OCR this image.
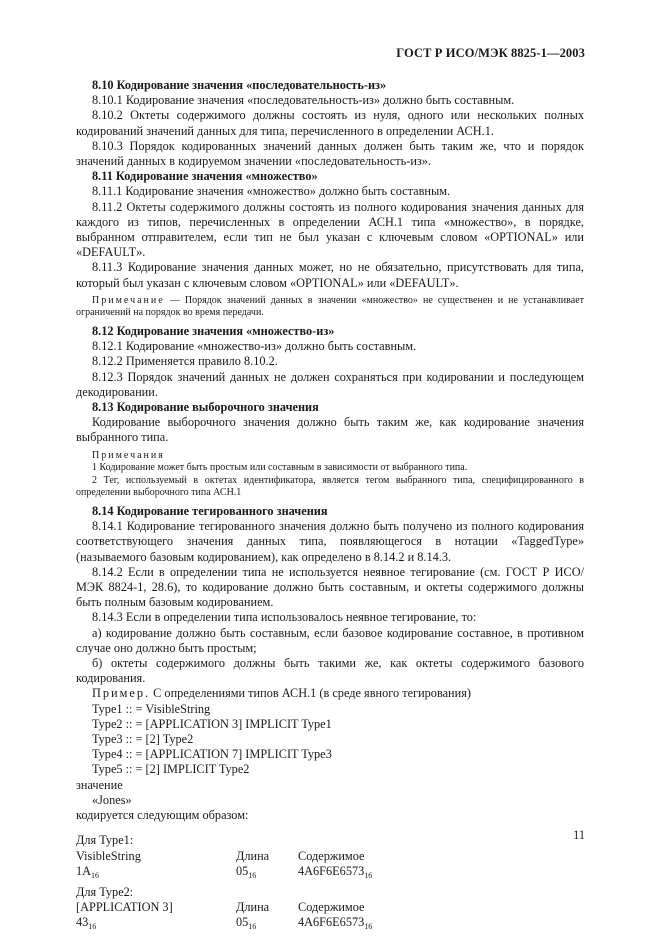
ГОСТ Р ИСО/МЭК 8825-1—2003
8.10 Кодирование значения «последовательность-из»

8.10.1 Кодирование значения «последовательность-из» должно быть составным.

8.10.2 Октеты содержимого должны состоять из нуля, одного или нескольких полных кодирований значений данных для типа, перечисленного в определении АСН.1.

8.10.3 Порядок кодированных значений данных должен быть таким же, что и порядок значений данных в кодируемом значении «последовательность-из».

8.11 Кодирование значения «множество»

8.11.1 Кодирование значения «множество» должно быть составным.

8.11.2 Октеты содержимого должны состоять из полного кодирования значения данных для каждого из типов, перечисленных в определении АСН.1 типа «множество», в порядке, выбранном отправителем, если тип не был указан с ключевым словом «OPTIONAL» или «DEFAULT».

8.11.3 Кодирование значения данных может, но не обязательно, присутствовать для типа, который был указан с ключевым словом «OPTIONAL» или «DEFAULT».

Примечание — Порядок значений данных в значении «множество» не существенен и не устанавливает ограничений на порядок во время передачи.

8.12 Кодирование значения «множество-из»

8.12.1 Кодирование «множество-из» должно быть составным.

8.12.2 Применяется правило 8.10.2.

8.12.3 Порядок значений данных не должен сохраняться при кодировании и последующем декодировании.

8.13 Кодирование выборочного значения

Кодирование выборочного значения должно быть таким же, как кодирование значения выбранного типа.

Примечания

1 Кодирование может быть простым или составным в зависимости от выбранного типа.

2 Тег, используемый в октетах идентификатора, является тегом выбранного типа, специфицированного в определении выборочного типа АСН.1

8.14 Кодирование тегированного значения

8.14.1 Кодирование тегированного значения должно быть получено из полного кодирования соответствующего значения данных типа, появляющегося в нотации «TaggedType» (называемого базовым кодированием), как определено в 8.14.2 и 8.14.3.

8.14.2 Если в определении типа не используется неявное тегирование (см. ГОСТ Р ИСО/МЭК 8824-1, 28.6), то кодирование должно быть составным, и октеты содержимого должны быть полным базовым кодированием.

8.14.3 Если в определении типа использовалось неявное тегирование, то:

а) кодирование должно быть составным, если базовое кодирование составное, в противном случае оно должно быть простым;

б) октеты содержимого должны быть такими же, как октеты содержимого базового кодирования.

Пример. С определениями типов АСН.1 (в среде явного тегирования)

Type1 :: = VisibleString

Type2 :: = [APPLICATION 3] IMPLICIT Type1

Type3 :: = [2] Type2

Type4 :: = [APPLICATION 7] IMPLICIT Type3

Type5 :: = [2] IMPLICIT Type2

значение

«Jones»

кодируется следующим образом:

Для Type1:

VisibleString	Длина	Содержимое
$1A_{16}$	$05_{16}$	$4A6F6E6573_{16}$

Для Type2:

[APPLICATION 3]	Длина	Содержимое
$43_{16}$	$05_{16}$	$4A6F6E6573_{16}$
11
